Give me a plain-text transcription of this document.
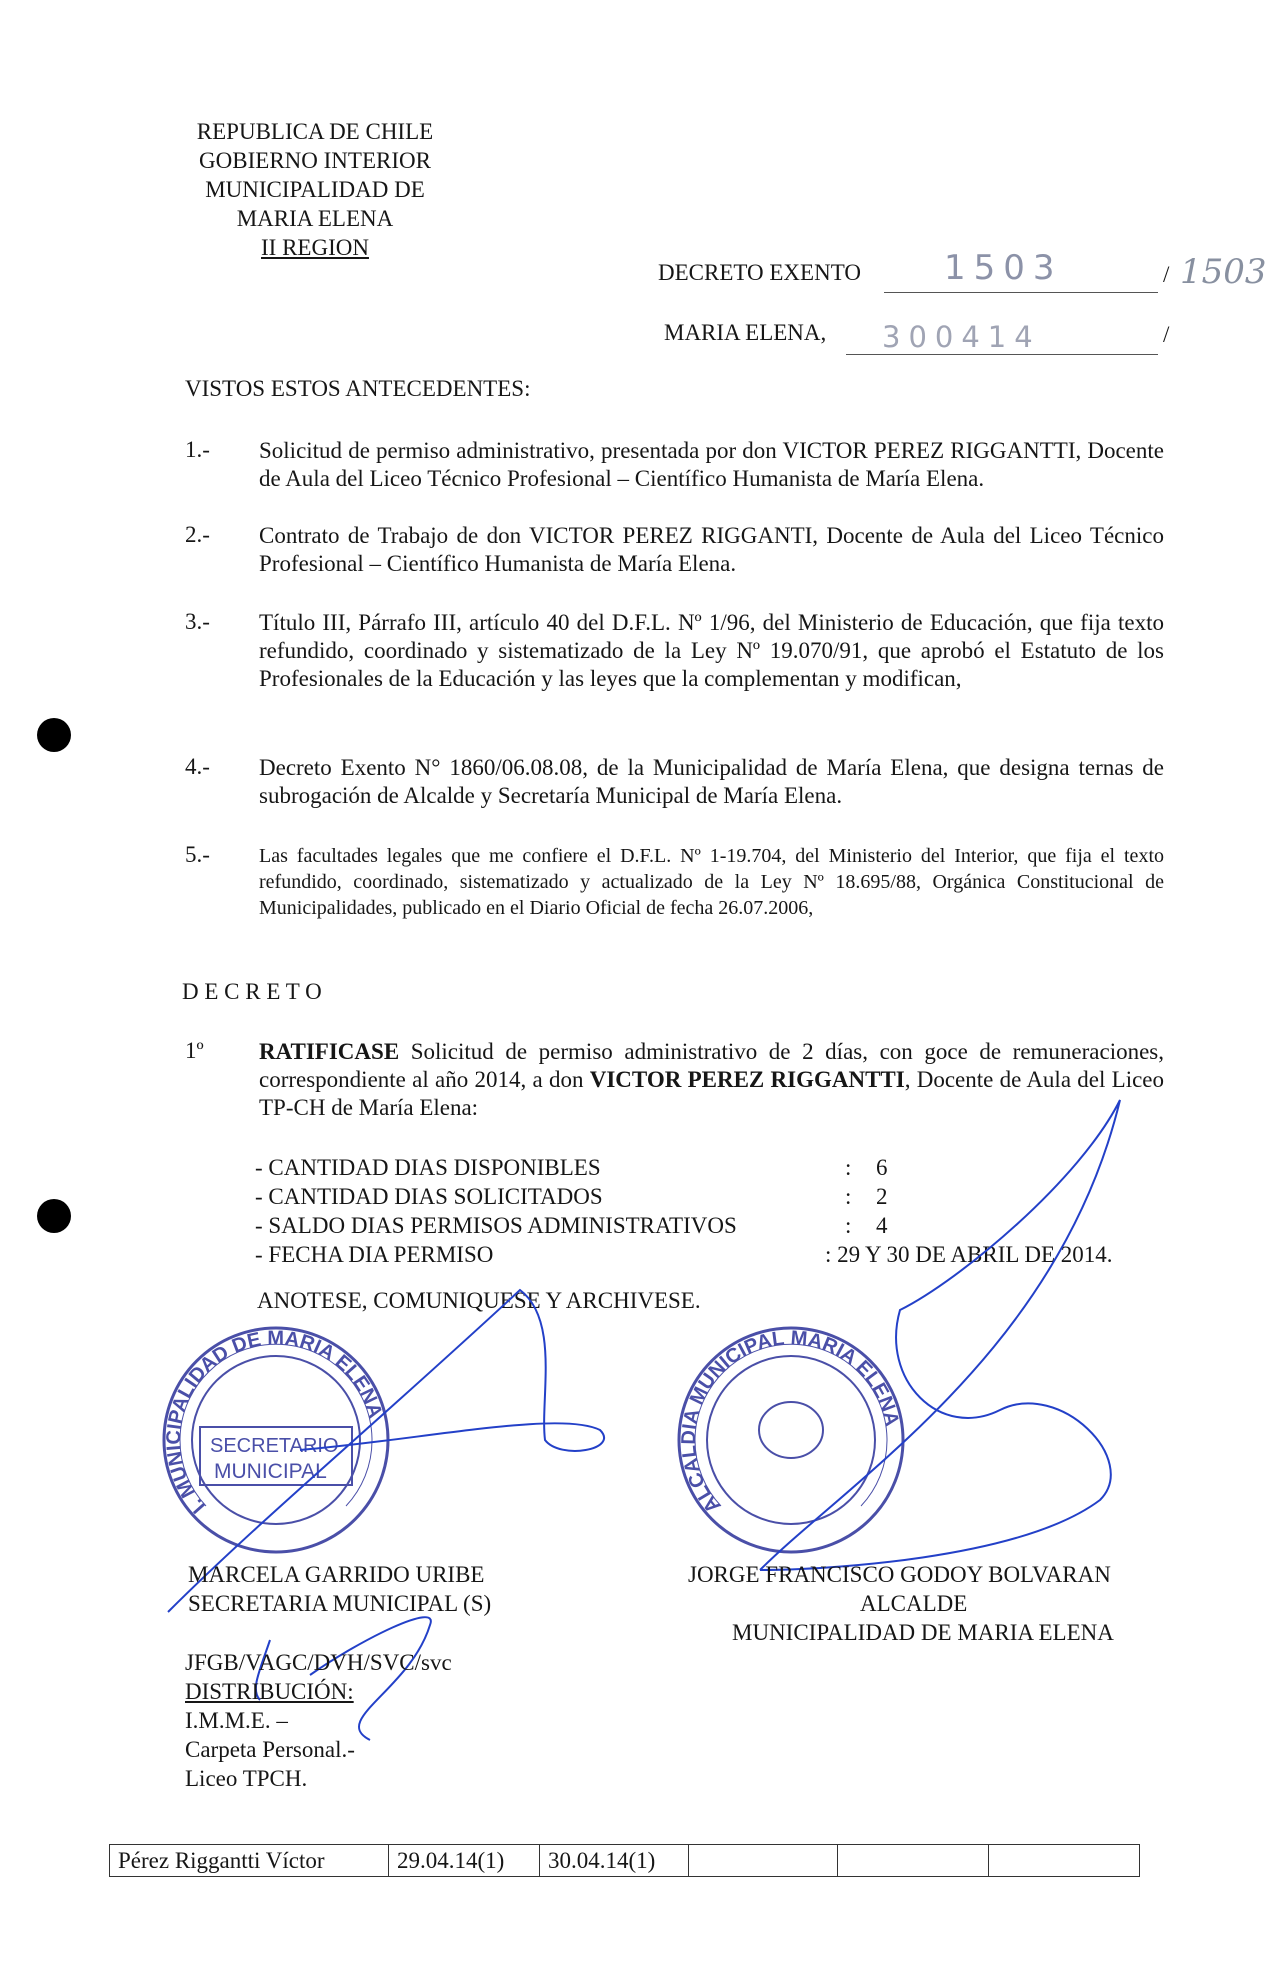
REPUBLICA DE CHILE
GOBIERNO INTERIOR
MUNICIPALIDAD DE
MARIA ELENA
II REGION
DECRETO EXENTO 1503	/ 1503
MARIA ELENA, 300414	/
VISTOS ESTOS ANTECEDENTES:
1.- Solicitud de permiso administrativo, presentada por don VICTOR PEREZ RIGGANTTI, Docente de Aula del Liceo Técnico Profesional – Científico Humanista de María Elena.
2.- Contrato de Trabajo de don VICTOR PEREZ RIGGANTI, Docente de Aula del Liceo Técnico Profesional – Científico Humanista de María Elena.
3.- Título III, Párrafo III, artículo 40 del D.F.L. Nº 1/96, del Ministerio de Educación, que fija texto refundido, coordinado y sistematizado de la Ley Nº 19.070/91, que aprobó el Estatuto de los Profesionales de la Educación y las leyes que la complementan y modifican,
4.- Decreto Exento N° 1860/06.08.08, de la Municipalidad de María Elena, que designa ternas de subrogación de Alcalde y Secretaría Municipal de María Elena.
5.- Las facultades legales que me confiere el D.F.L. Nº 1-19.704, del Ministerio del Interior, que fija el texto refundido, coordinado, sistematizado y actualizado de la Ley Nº 18.695/88, Orgánica Constitucional de Municipalidades, publicado en el Diario Oficial de fecha 26.07.2006,
D E C R E T O
1º RATIFICASE Solicitud de permiso administrativo de 2 días, con goce de remuneraciones, correspondiente al año 2014, a don VICTOR PEREZ RIGGANTTI, Docente de Aula del Liceo TP-CH de María Elena:
- CANTIDAD DIAS DISPONIBLES	:	6
- CANTIDAD DIAS SOLICITADOS	:	2
- SALDO DIAS PERMISOS ADMINISTRATIVOS	:	4
- FECHA DIA PERMISO	: 29 Y 30 DE ABRIL DE 2014.
ANOTESE, COMUNIQUESE Y ARCHIVESE.
SECRETARIO
MUNICIPAL
I. MUNICIPALIDAD DE MARIA ELENA
ALCALDIA MUNICIPAL MARIA ELENA
MARCELA GARRIDO URIBE
SECRETARIA MUNICIPAL (S)
JORGE FRANCISCO GODOY BOLVARAN
ALCALDE
MUNICIPALIDAD DE MARIA ELENA
JFGB/VAGC/DVH/SVC/svc
DISTRIBUCIÓN:
I.M.M.E. –
Carpeta Personal.-
Liceo TPCH.
Pérez Riggantti Víctor	29.04.14(1)	30.04.14(1)			
